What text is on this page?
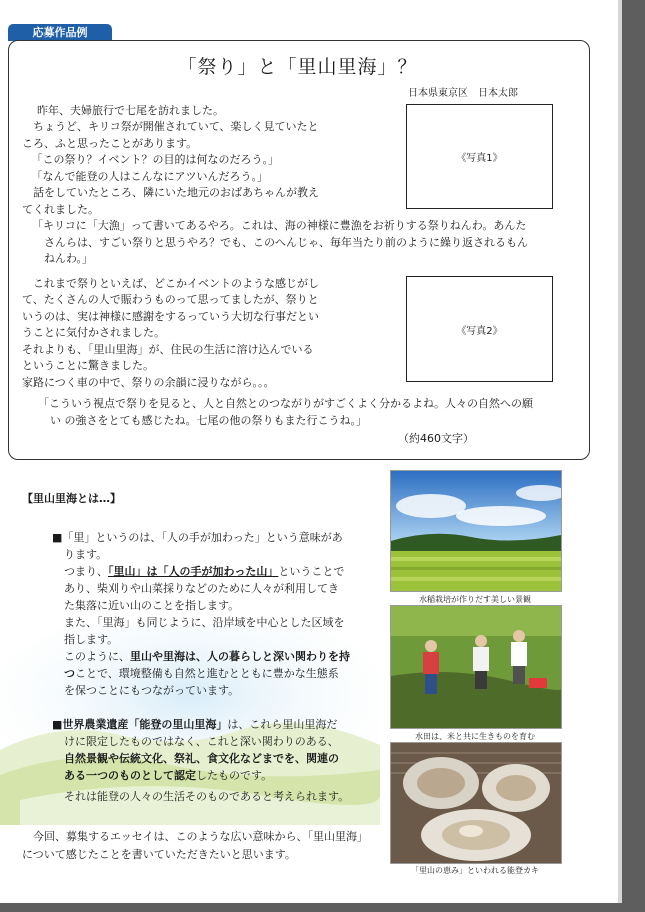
応募作品例
「祭り」と「里山里海」？
日本県東京区　日本太郎
　昨年、夫婦旅行で七尾を訪れました。
　ちょうど、キリコ祭が開催されていて、楽しく見ていたと
ころ、ふと思ったことがあります。
　「この祭り？イベント？の目的は何なのだろう。」
　「なんで能登の人はこんなにアツいんだろう。」
　話をしていたところ、隣にいた地元のおばあちゃんが教え
てくれました。
「キリコに「大漁」って書いてあるやろ。これは、海の神様に豊漁をお祈りする祭りねんわ。あんた
さんらは、すごい祭りと思うやろ？でも、このへんじゃ、毎年当たり前のように繰り返されるもん
ねんわ。」
　これまで祭りといえば、どこかイベントのような感じがし
て、たくさんの人で賑わうものって思ってましたが、祭りと
いうのは、実は神様に感謝をするっていう大切な行事だとい
うことに気付かされました。
それよりも、「里山里海」が、住民の生活に溶け込んでいる
ということに驚きました。
家路につく車の中で、祭りの余韻に浸りながら。。。
「こういう視点で祭りを見ると、人と自然とのつながりがすごくよく分かるよね。人々の自然への願
い の強さをとても感じたね。七尾の他の祭りもまた行こうね。」
（約460文字）
《写真1》
《写真2》
【里山里海とは…】
■「里」というのは、「人の手が加わった」という意味があ
ります。
つまり、「里山」は「人の手が加わった山」ということで
あり、柴刈りや山菜採りなどのために人々が利用してき
た集落に近い山のことを指します。
また、「里海」も同じように、沿岸域を中心とした区域を
指します。
このように、里山や里海は、人の暮らしと深い関わりを持
つことで、環境整備も自然と進むとともに豊かな生態系
を保つことにもつながっています。
■世界農業遺産「能登の里山里海」は、これら里山里海だ
けに限定したものではなく、これと深い関わりのある、
自然景観や伝統文化、祭礼、食文化などまでを、関連の
ある一つのものとして認定したものです。
それは能登の人々の生活そのものであると考えられます。
　今回、募集するエッセイは、このような広い意味から、「里山里海」
について感じたことを書いていただきたいと思います。
水稲栽培が作りだす美しい景観
水田は、米と共に生きものを育む
「里山の恵み」といわれる能登カキ
